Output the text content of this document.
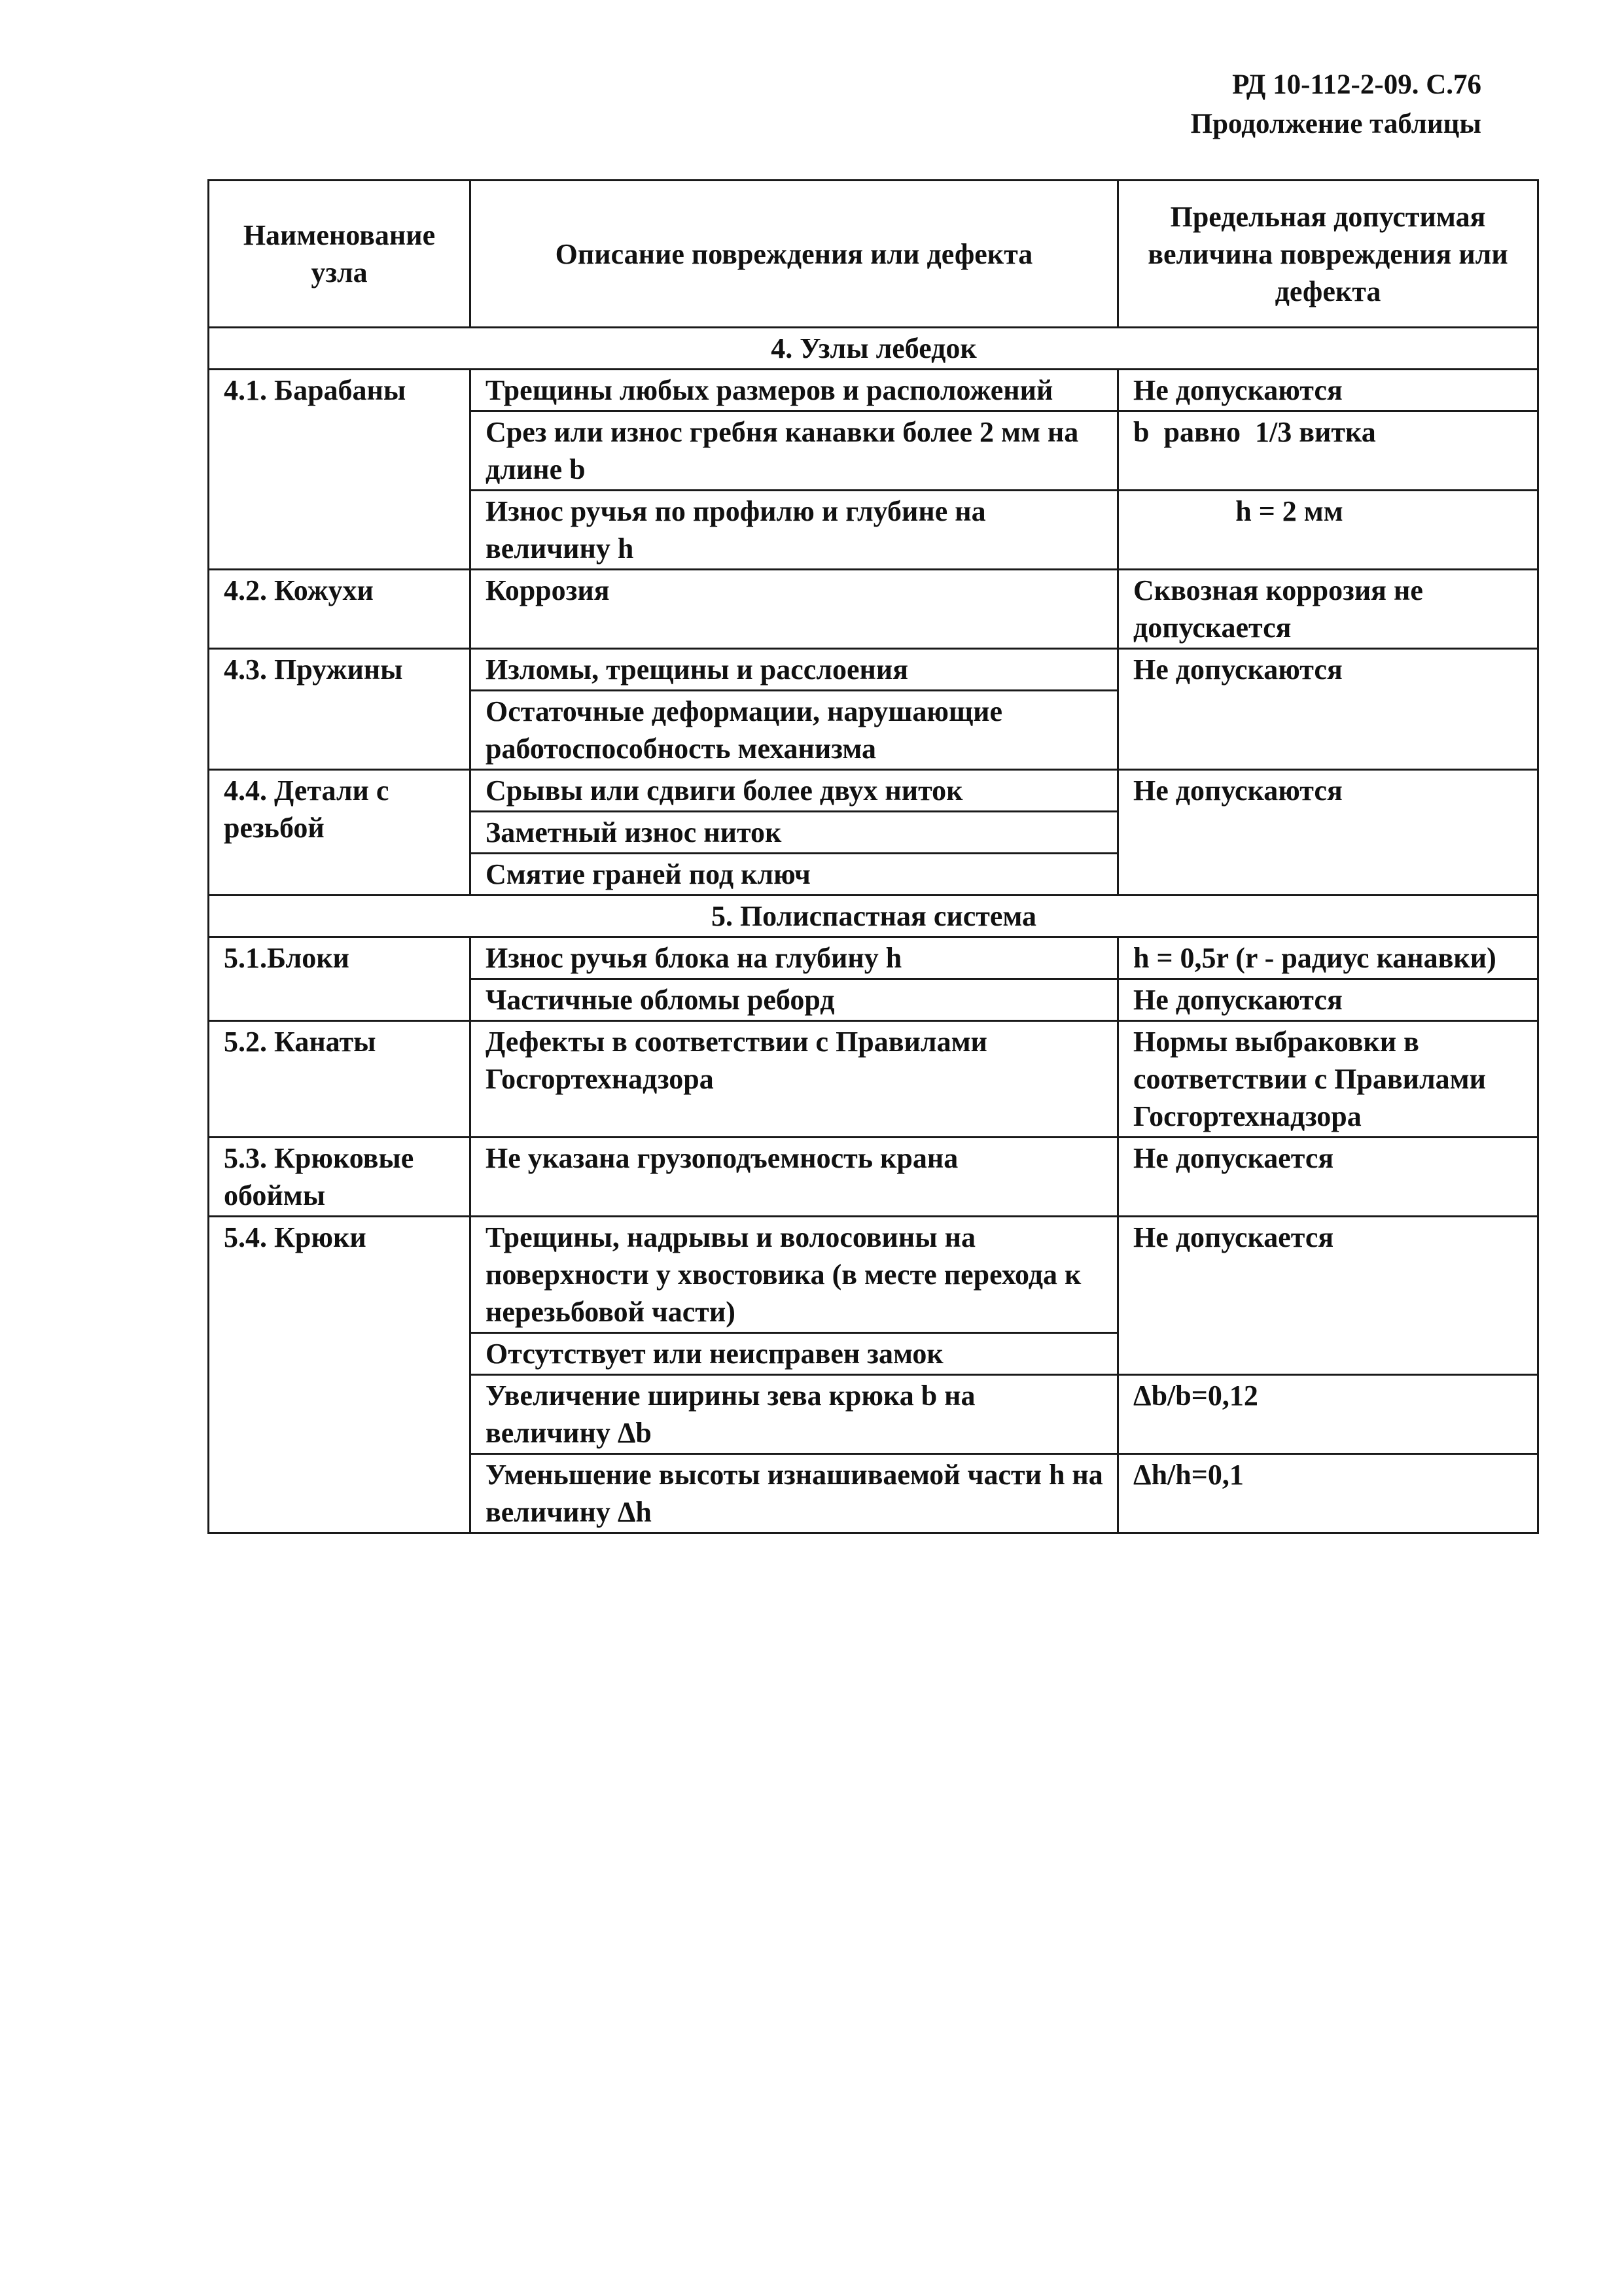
РД 10-112-2-09. С.76
Продолжение таблицы
Наименование узла	Описание повреждения или дефекта	Предельная допустимая величина повреждения или дефекта
4. Узлы лебедок		
4.1. Барабаны	Трещины любых размеров и расположений	Не допускаются
	Срез или износ гребня канавки более 2 мм на длине b	b  равно  1/3 витка
	Износ ручья по профилю и глубине на величину h	h = 2 мм
4.2. Кожухи	Коррозия	Сквозная коррозия не допускается
4.3. Пружины	Изломы, трещины и расслоения	Не допускаются
	Остаточные деформации, нарушающие работоспособность механизма	
4.4. Детали с резьбой	Срывы или сдвиги более двух ниток	Не допускаются
	Заметный износ ниток	
	Смятие граней под ключ	
5. Полиспастная система		
5.1.Блоки	Износ ручья блока на глубину h	h = 0,5r (r - радиус канавки)
	Частичные обломы реборд	Не допускаются
5.2. Канаты	Дефекты в соответствии с Правилами Госгортехнадзора	Нормы выбраковки в соответствии с Правилами Госгортехнадзора
5.3. Крюковые обоймы	Не указана грузоподъемность крана	Не допускается
5.4. Крюки	Трещины, надрывы и волосовины на поверхности у хвостовика (в месте перехода к нерезьбовой части)	Не допускается
	Отсутствует или неисправен замок	
	Увеличение ширины зева крюка b на величину Δb	Δb/b=0,12
	Уменьшение высоты изнашиваемой части h на величину Δh	Δh/h=0,1
